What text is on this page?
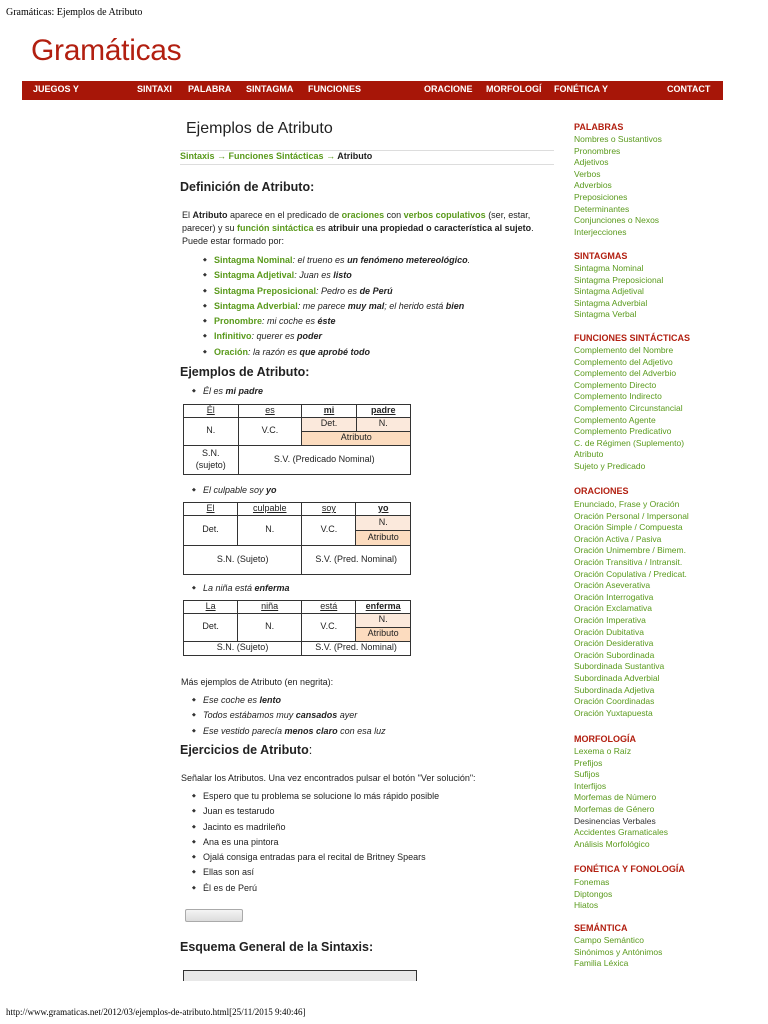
Gramáticas: Ejemplos de Atributo
Gramáticas
JUEGOS Y	SINTAXI PALABRA SINTAGMA FUNCIONES	ORACIONE MORFOLOGÍ FONÉTICA Y	CONTACT
Ejemplos de Atributo
Sintaxis → Funciones Sintácticas → Atributo
Definición de Atributo:
El Atributo aparece en el predicado de oraciones con verbos copulativos (ser, estar, parecer) y su función sintáctica es atribuir una propiedad o característica al sujeto. Puede estar formado por:
◆ Sintagma Nominal: el trueno es un fenómeno metereológico.
◆ Sintagma Adjetival: Juan es listo
◆ Sintagma Preposicional: Pedro es de Perú
◆ Sintagma Adverbial: me parece muy mal; el herido está bien
◆ Pronombre: mi coche es éste
◆ Infinitivo: querer es poder
◆ Oración: la razón es que aprobé todo
Ejemplos de Atributo:
◆ Él es mi padre
Él	es	mi	padre
N.	V.C.	Det.	N.
		Atributo	
S.N.
(sujeto)	S.V. (Predicado Nominal)		
◆ El culpable soy yo
El	culpable	soy	yo
Det.	N.	V.C.	N.
			Atributo
S.N. (Sujeto)		S.V. (Pred. Nominal)	
◆ La niña está enferma
La	niña	está	enferma
Det.	N.	V.C.	N.
			Atributo
S.N. (Sujeto)		S.V. (Pred. Nominal)	
Más ejemplos de Atributo (en negrita):
◆ Ese coche es lento
◆ Todos estábamos muy cansados ayer
◆ Ese vestido parecía menos claro con esa luz
Ejercicios de Atributo:
Señalar los Atributos. Una vez encontrados pulsar el botón "Ver solución":
◆ Espero que tu problema se solucione lo más rápido posible
◆ Juan es testarudo
◆ Jacinto es madrileño
◆ Ana es una pintora
◆ Ojalá consiga entradas para el recital de Britney Spears
◆ Ellas son así
◆ Él es de Perú
Esquema General de la Sintaxis:
PALABRAS
Nombres o Sustantivos
Pronombres
Adjetivos
Verbos
Adverbios
Preposiciones
Determinantes
Conjunciones o Nexos
Interjecciones
SINTAGMAS
Sintagma Nominal
Sintagma Preposicional
Sintagma Adjetival
Sintagma Adverbial
Sintagma Verbal
FUNCIONES SINTÁCTICAS
Complemento del Nombre
Complemento del Adjetivo
Complemento del Adverbio
Complemento Directo
Complemento Indirecto
Complemento Circunstancial
Complemento Agente
Complemento Predicativo
C. de Régimen (Suplemento)
Atributo
Sujeto y Predicado
ORACIONES
Enunciado, Frase y Oración
Oración Personal / Impersonal
Oración Simple / Compuesta
Oración Activa / Pasiva
Oración Unimembre / Bimem.
Oración Transitiva / Intransit.
Oración Copulativa / Predicat.
Oración Aseverativa
Oración Interrogativa
Oración Exclamativa
Oración Imperativa
Oración Dubitativa
Oración Desiderativa
Oración Subordinada
Subordinada Sustantiva
Subordinada Adverbial
Subordinada Adjetiva
Oración Coordinadas
Oración Yuxtapuesta
MORFOLOGÍA
Lexema o Raíz
Prefijos
Sufijos
Interfijos
Morfemas de Número
Morfemas de Género
Desinencias Verbales
Accidentes Gramaticales
Análisis Morfológico
FONÉTICA Y FONOLOGÍA
Fonemas
Diptongos
Hiatos
SEMÁNTICA
Campo Semántico
Sinónimos y Antónimos
Familia Léxica
http://www.gramaticas.net/2012/03/ejemplos-de-atributo.html[25/11/2015 9:40:46]
